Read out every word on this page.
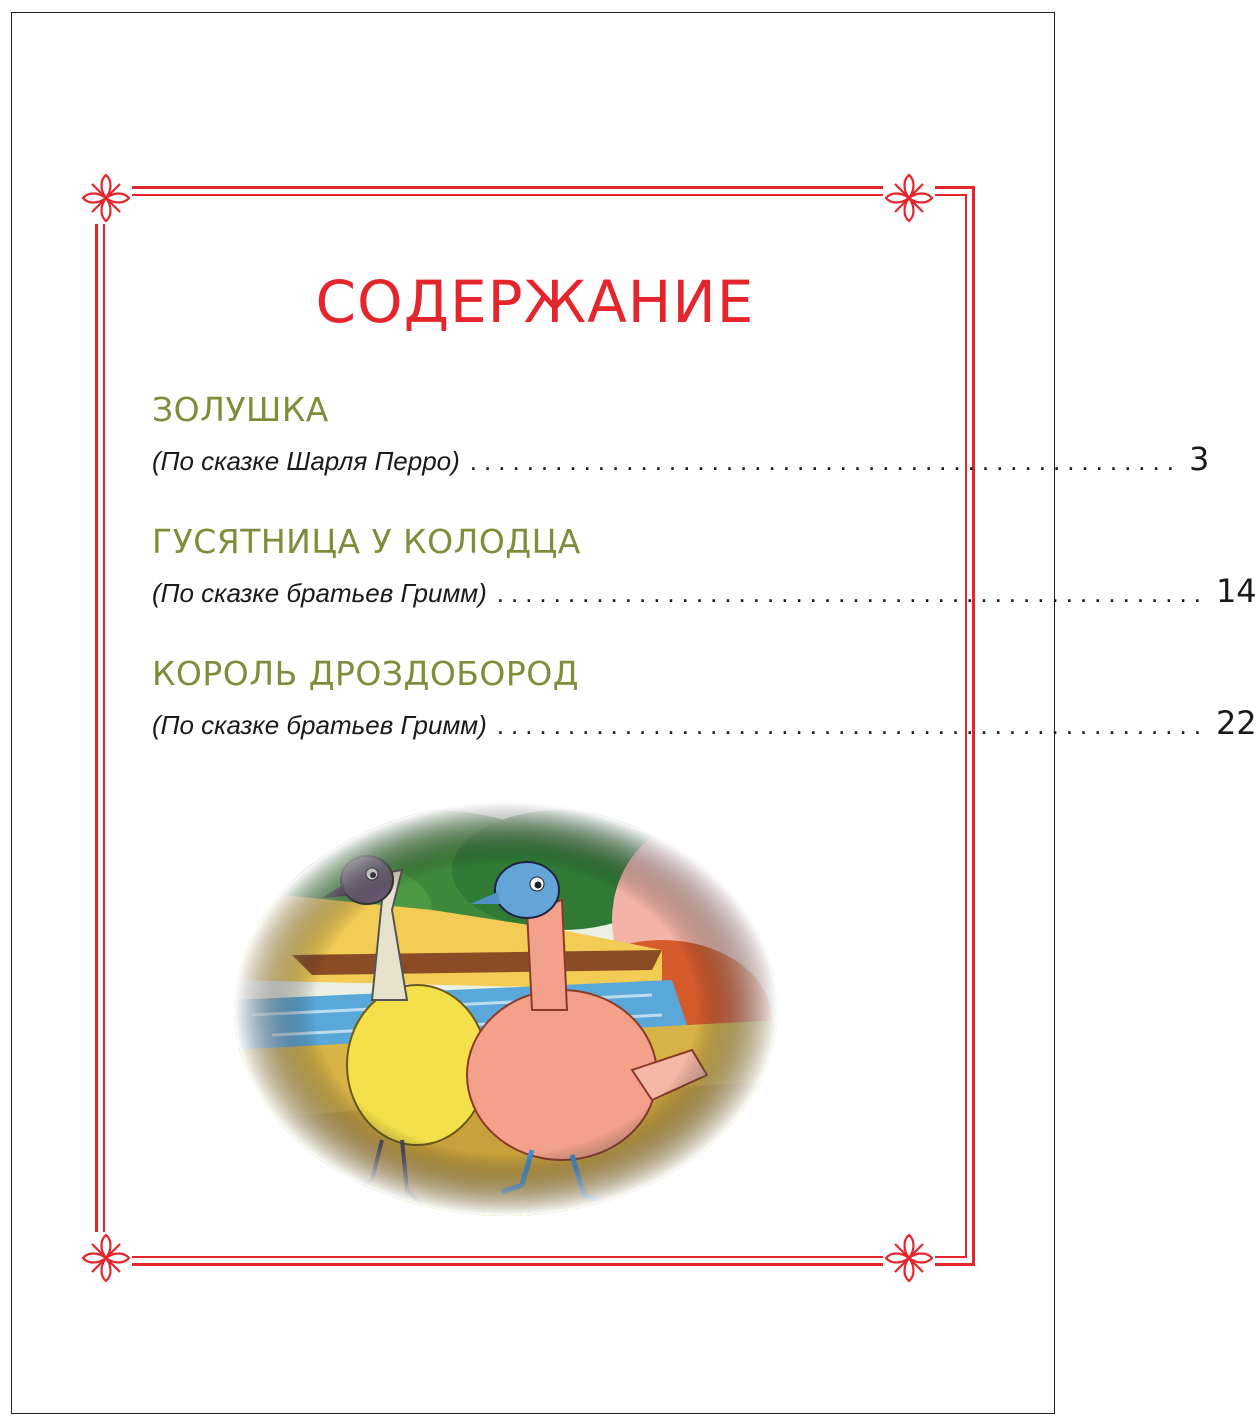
СОДЕРЖАНИЕ
ЗОЛУШКА
(По сказке Шарля Перро) .................................................. 3
ГУСЯТНИЦА У КОЛОДЦА
(По сказке братьев Гримм) .................................................. 14
КОРОЛЬ ДРОЗДОБОРОД
(По сказке братьев Гримм) .................................................. 22
